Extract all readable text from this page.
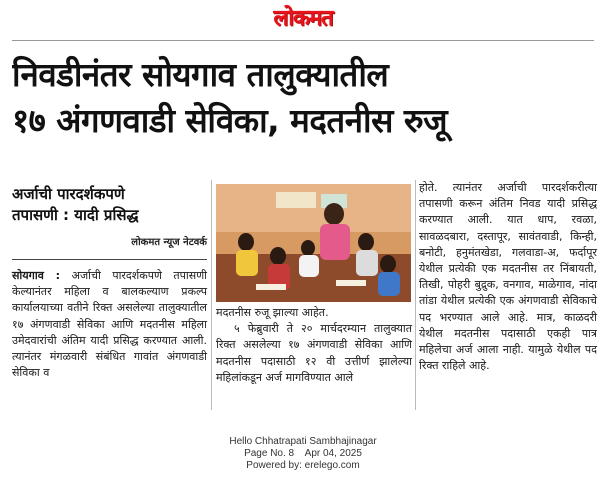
लोकमत
निवडीनंतर सोयगाव तालुक्यातील
१७ अंगणवाडी सेविका, मदतनीस रुजू
अर्जाची पारदर्शकपणे
तपासणी : यादी प्रसिद्ध
लोकमत न्यूज नेटवर्क

सोयगाव : अर्जाची पारदर्शकपणे तपासणी केल्यानंतर महिला व बालकल्याण प्रकल्प कार्यालयाच्या वतीने रिक्त असलेल्या तालुक्यातील १७ अंगणवाडी सेविका आणि मदतनीस महिला उमेदवारांची अंतिम यादी प्रसिद्ध करण्यात आली. त्यानंतर मंगळवारी संबंधित गावांत अंगणवाडी सेविका व

मदतनीस रुजू झाल्या आहेत.

५ फेब्रुवारी ते २० मार्चदरम्यान तालुक्यात रिक्त असलेल्या १७ अंगणवाडी सेविका आणि मदतनीस पदासाठी १२ वी उत्तीर्ण झालेल्या महिलांकडून अर्ज मागविण्यात आले

होते. त्यानंतर अर्जाची पारदर्शकरीत्या तपासणी करून अंतिम निवड यादी प्रसिद्ध करण्यात आली. यात धाप, रवळा, सावळदबारा, दस्तापूर, सावंतवाडी, किन्ही, बनोटी, हनुमंतखेडा, गलवाडा-अ, फर्दापूर येथील प्रत्येकी एक मदतनीस तर निंबायती, तिखी, पोहरी बुद्रुक, वनगाव, माळेगाव, नांदा तांडा येथील प्रत्येकी एक अंगणवाडी सेविकाचे पद भरण्यात आले आहे. मात्र, काळदरी येथील मदतनीस पदासाठी एकही पात्र महिलेचा अर्ज आला नाही. यामुळे येथील पद रिक्त राहिले आहे.

Hello Chhatrapati Sambhajinagar
Page No. 8    Apr 04, 2025
Powered by: erelego.com
